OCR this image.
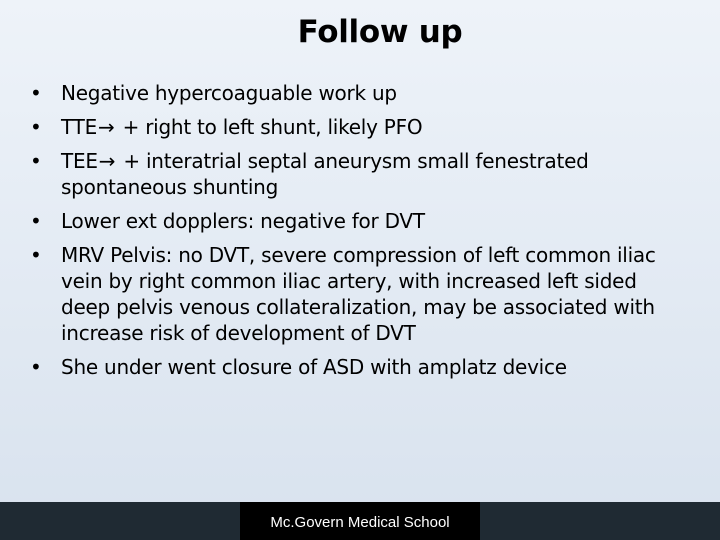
Follow up
• Negative hypercoaguable work up
• TTE→ + right to left shunt, likely PFO
• TEE→ + interatrial septal aneurysm small fenestrated spontaneous shunting
• Lower ext dopplers: negative for DVT
• MRV Pelvis: no DVT, severe compression of left common iliac vein by right common iliac artery, with increased left sided deep pelvis venous collateralization, may be associated with increase risk of development of DVT
• She under went closure of ASD with amplatz device
Mc.Govern Medical School
